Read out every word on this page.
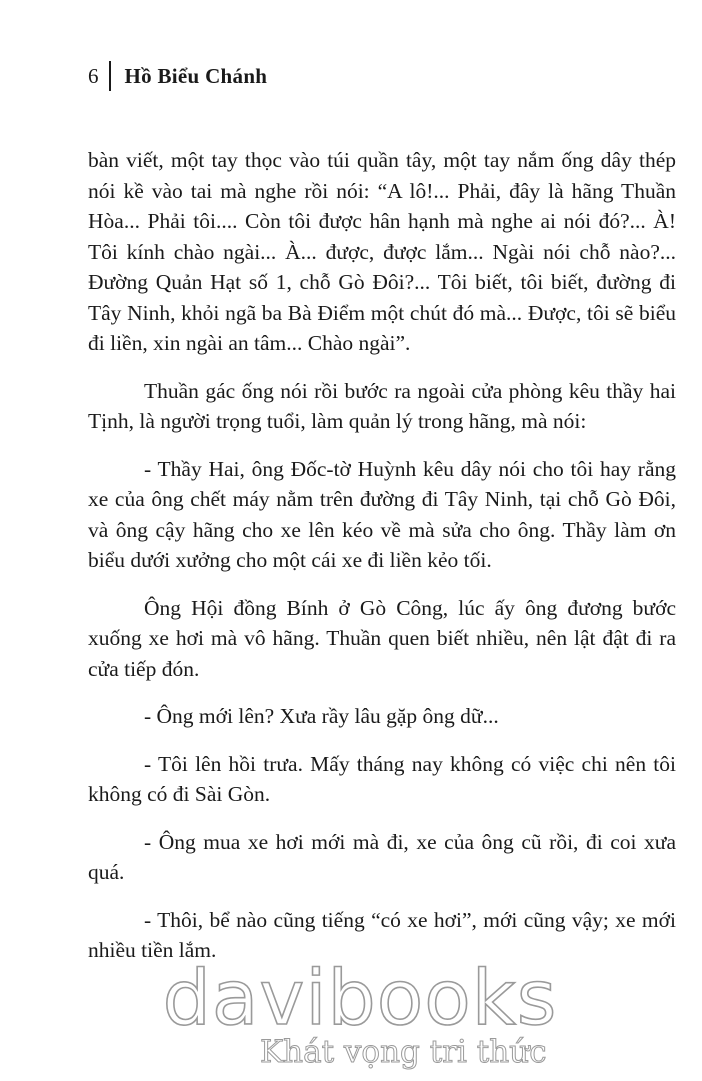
6 Hồ Biểu Chánh

bàn viết, một tay thọc vào túi quần tây, một tay nắm ống dây thép nói kề vào tai mà nghe rồi nói: “A lô!... Phải, đây là hãng Thuần Hòa... Phải tôi.... Còn tôi được hân hạnh mà nghe ai nói đó?... À! Tôi kính chào ngài... À... được, được lắm... Ngài nói chỗ nào?... Đường Quản Hạt số 1, chỗ Gò Đôi?... Tôi biết, tôi biết, đường đi Tây Ninh, khỏi ngã ba Bà Điểm một chút đó mà... Được, tôi sẽ biểu đi liền, xin ngài an tâm... Chào ngài”.

Thuần gác ống nói rồi bước ra ngoài cửa phòng kêu thầy hai Tịnh, là người trọng tuổi, làm quản lý trong hãng, mà nói:

- Thầy Hai, ông Đốc-tờ Huỳnh kêu dây nói cho tôi hay rằng xe của ông chết máy nằm trên đường đi Tây Ninh, tại chỗ Gò Đôi, và ông cậy hãng cho xe lên kéo về mà sửa cho ông. Thầy làm ơn biểu dưới xưởng cho một cái xe đi liền kẻo tối.

Ông Hội đồng Bính ở Gò Công, lúc ấy ông đương bước xuống xe hơi mà vô hãng. Thuần quen biết nhiều, nên lật đật đi ra cửa tiếp đón.

- Ông mới lên? Xưa rầy lâu gặp ông dữ...

- Tôi lên hồi trưa. Mấy tháng nay không có việc chi nên tôi không có đi Sài Gòn.

- Ông mua xe hơi mới mà đi, xe của ông cũ rồi, đi coi xưa quá.

- Thôi, bể nào cũng tiếng “có xe hơi”, mới cũng vậy; xe mới nhiều tiền lắm.

davibooks
Khát vọng tri thức
